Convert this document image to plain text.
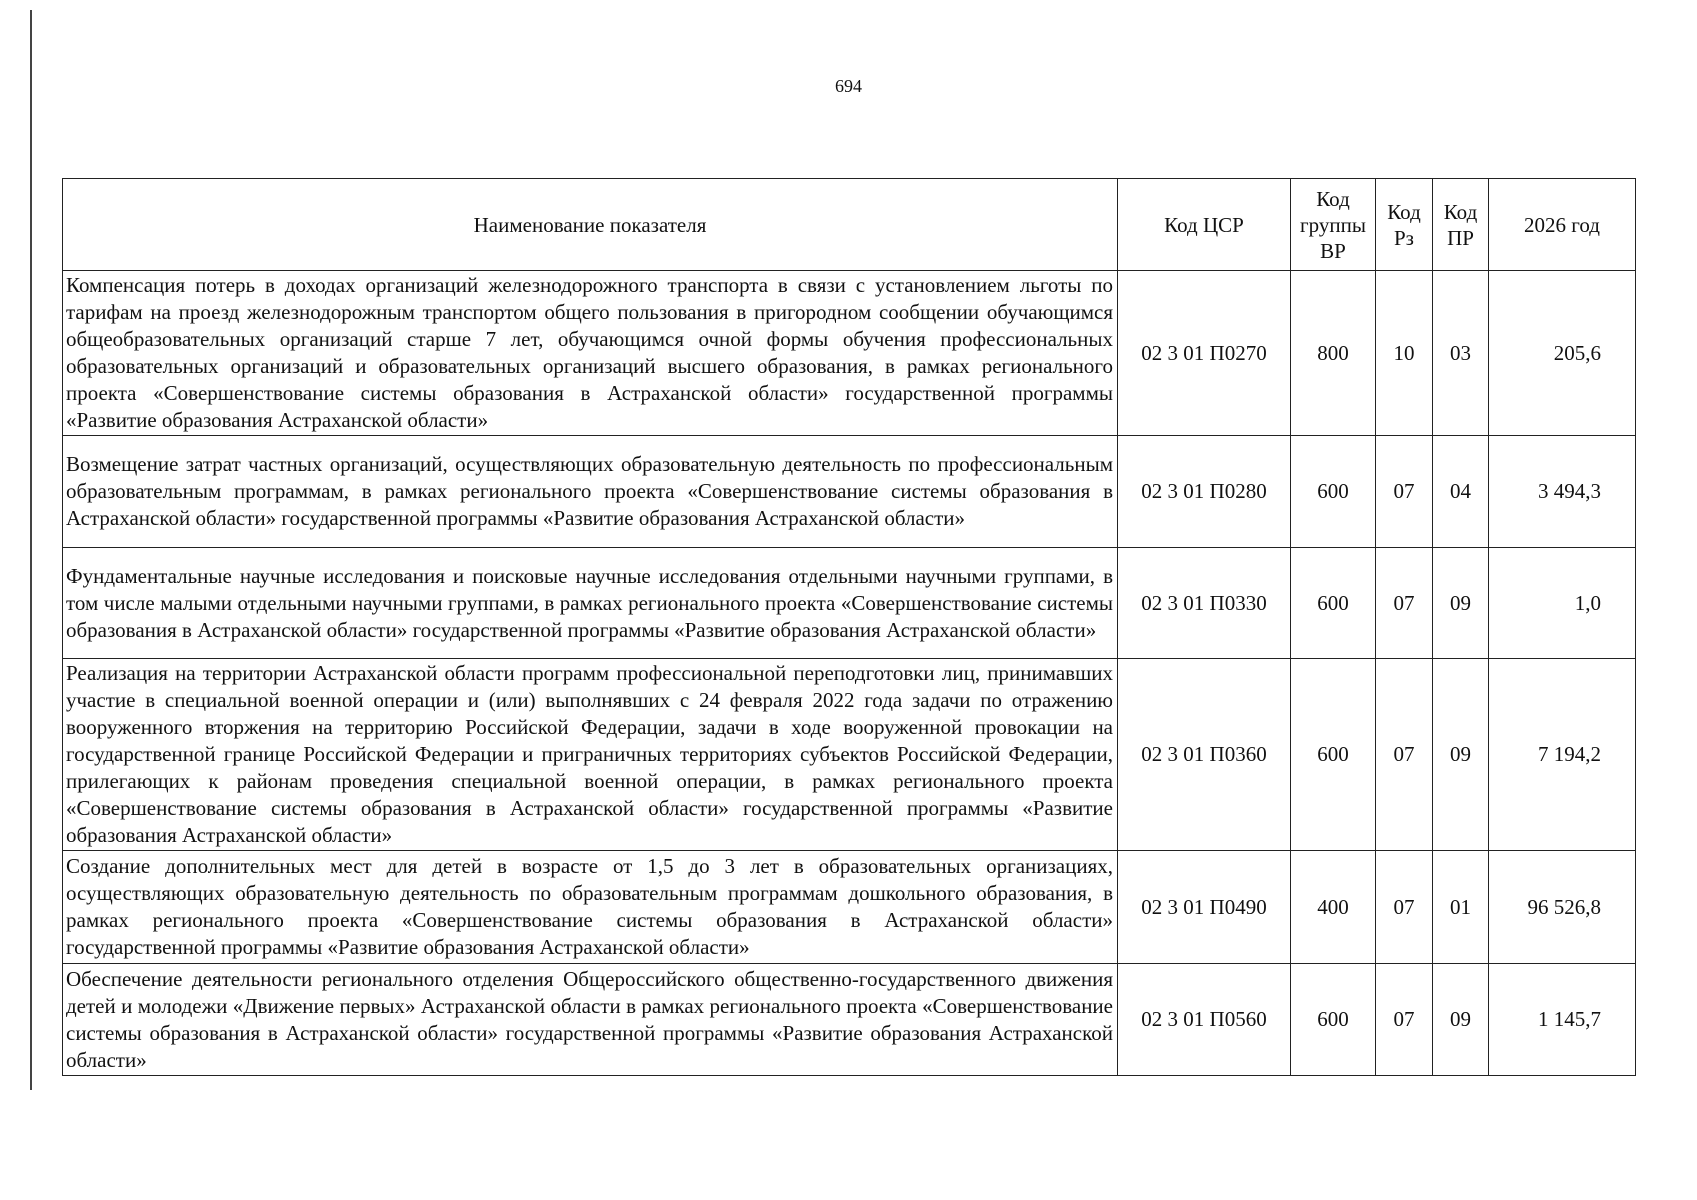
694
Наименование показателя	Код ЦСР	Код группы ВР	Код Рз	Код ПР	2026 год
Компенсация потерь в доходах организаций железнодорожного транспорта в связи с установлением льготы по тарифам на проезд железнодорожным транспортом общего пользования в пригородном сообщении обучающимся общеобразовательных организаций старше 7 лет, обучающимся очной формы обучения профессиональных образовательных организаций и образовательных организаций высшего образования, в рамках регионального проекта «Совершенствование системы образования в Астраханской области» государственной программы «Развитие образования Астраханской области»	02 3 01 П0270	800	10	03	205,6
Возмещение затрат частных организаций, осуществляющих образовательную деятельность по профессиональным образовательным программам, в рамках регионального проекта «Совершенствование системы образования в Астраханской области» государственной программы «Развитие образования Астраханской области»	02 3 01 П0280	600	07	04	3 494,3
Фундаментальные научные исследования и поисковые научные исследования отдельными научными группами, в том числе малыми отдельными научными группами, в рамках регионального проекта «Совершенствование системы образования в Астраханской области» государственной программы «Развитие образования Астраханской области»	02 3 01 П0330	600	07	09	1,0
Реализация на территории Астраханской области программ профессиональной переподготовки лиц, принимавших участие в специальной военной операции и (или) выполнявших с 24 февраля 2022 года задачи по отражению вооруженного вторжения на территорию Российской Федерации, задачи в ходе вооруженной провокации на государственной границе Российской Федерации и приграничных территориях субъектов Российской Федерации, прилегающих к районам проведения специальной военной операции, в рамках регионального проекта «Совершенствование системы образования в Астраханской области» государственной программы «Развитие образования Астраханской области»	02 3 01 П0360	600	07	09	7 194,2
Создание дополнительных мест для детей в возрасте от 1,5 до 3 лет в образовательных организациях, осуществляющих образовательную деятельность по образовательным программам дошкольного образования, в рамках регионального проекта «Совершенствование системы образования в Астраханской области» государственной программы «Развитие образования Астраханской области»	02 3 01 П0490	400	07	01	96 526,8
Обеспечение деятельности регионального отделения Общероссийского общественно-государственного движения детей и молодежи «Движение первых» Астраханской области в рамках регионального проекта «Совершенствование системы образования в Астраханской области» государственной программы «Развитие образования Астраханской области»	02 3 01 П0560	600	07	09	1 145,7
